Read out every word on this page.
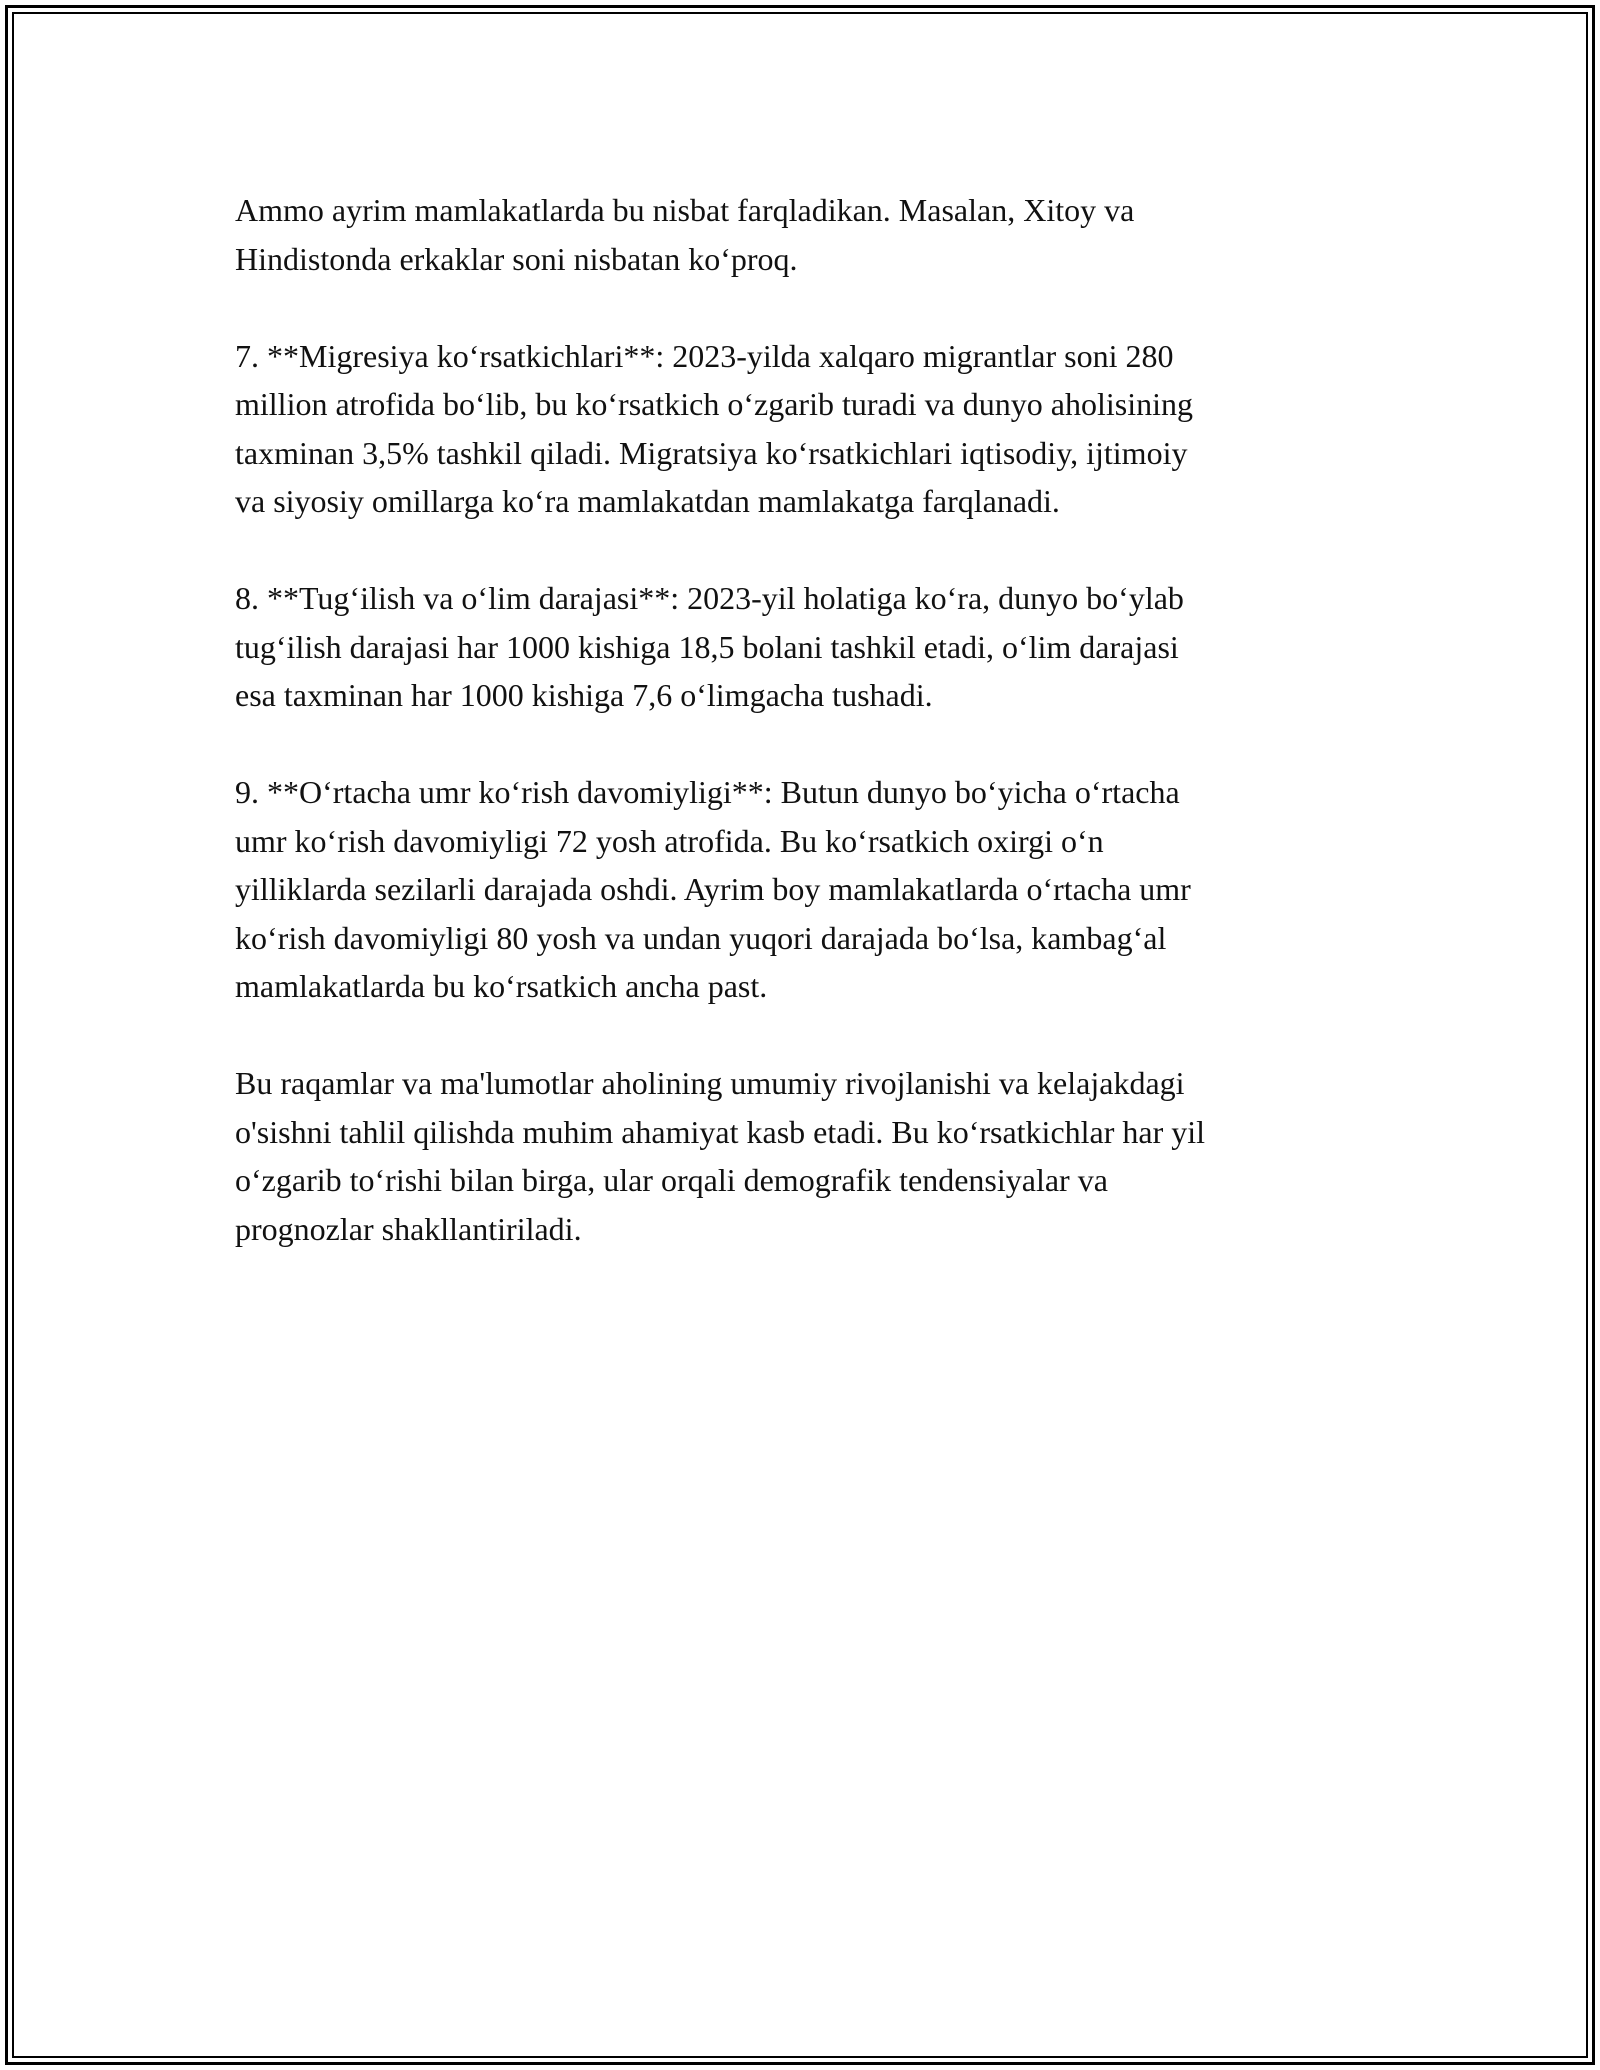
Ammo ayrim mamlakatlarda bu nisbat farqladikan. Masalan, Xitoy va
Hindistonda erkaklar soni nisbatan ko‘proq.

7. **Migresiya ko‘rsatkichlari**: 2023-yilda xalqaro migrantlar soni 280
million atrofida bo‘lib, bu ko‘rsatkich o‘zgarib turadi va dunyo aholisining
taxminan 3,5% tashkil qiladi. Migratsiya ko‘rsatkichlari iqtisodiy, ijtimoiy
va siyosiy omillarga ko‘ra mamlakatdan mamlakatga farqlanadi.

8. **Tug‘ilish va o‘lim darajasi**: 2023-yil holatiga ko‘ra, dunyo bo‘ylab
tug‘ilish darajasi har 1000 kishiga 18,5 bolani tashkil etadi, o‘lim darajasi
esa taxminan har 1000 kishiga 7,6 o‘limgacha tushadi.

9. **O‘rtacha umr ko‘rish davomiyligi**: Butun dunyo bo‘yicha o‘rtacha
umr ko‘rish davomiyligi 72 yosh atrofida. Bu ko‘rsatkich oxirgi o‘n
yilliklarda sezilarli darajada oshdi. Ayrim boy mamlakatlarda o‘rtacha umr
ko‘rish davomiyligi 80 yosh va undan yuqori darajada bo‘lsa, kambag‘al
mamlakatlarda bu ko‘rsatkich ancha past.

Bu raqamlar va ma'lumotlar aholining umumiy rivojlanishi va kelajakdagi
o'sishni tahlil qilishda muhim ahamiyat kasb etadi. Bu ko‘rsatkichlar har yil
o‘zgarib to‘rishi bilan birga, ular orqali demografik tendensiyalar va
prognozlar shakllantiriladi.
